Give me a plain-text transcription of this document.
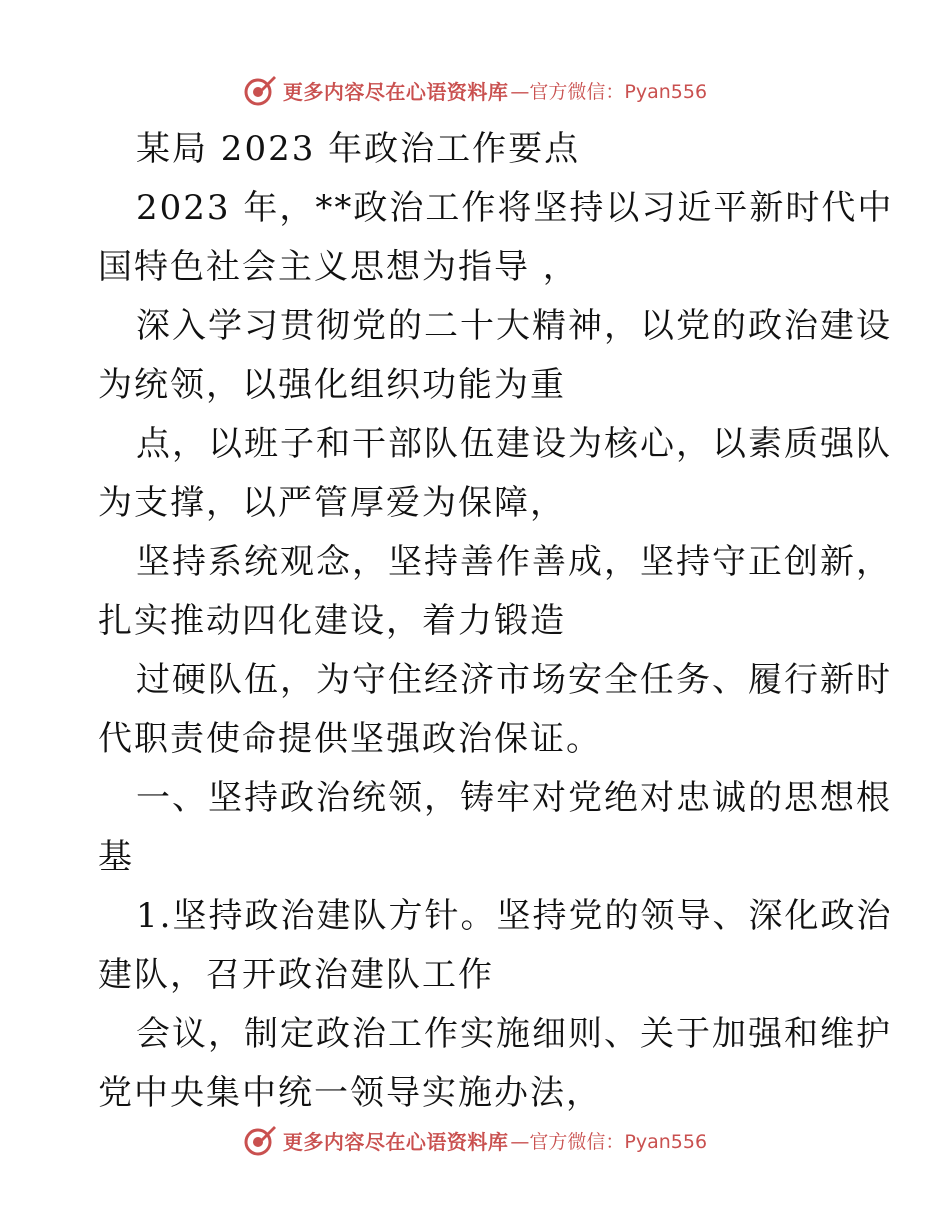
更多内容尽在心语资料库 —官方微信：Pyan556
某局 2023 年政治工作要点
2023 年，**政治工作将坚持以习近平新时代中
国特色社会主义思想为指导 ，
深入学习贯彻党的二十大精神，以党的政治建设
为统领，以强化组织功能为重
点，以班子和干部队伍建设为核心，以素质强队
为支撑，以严管厚爱为保障，
坚持系统观念，坚持善作善成，坚持守正创新，
扎实推动四化建设，着力锻造
过硬队伍，为守住经济市场安全任务、履行新时
代职责使命提供坚强政治保证。
一、坚持政治统领，铸牢对党绝对忠诚的思想根
基
1.坚持政治建队方针。坚持党的领导、深化政治
建队，召开政治建队工作
会议，制定政治工作实施细则、关于加强和维护
党中央集中统一领导实施办法，
更多内容尽在心语资料库 —官方微信：Pyan556
